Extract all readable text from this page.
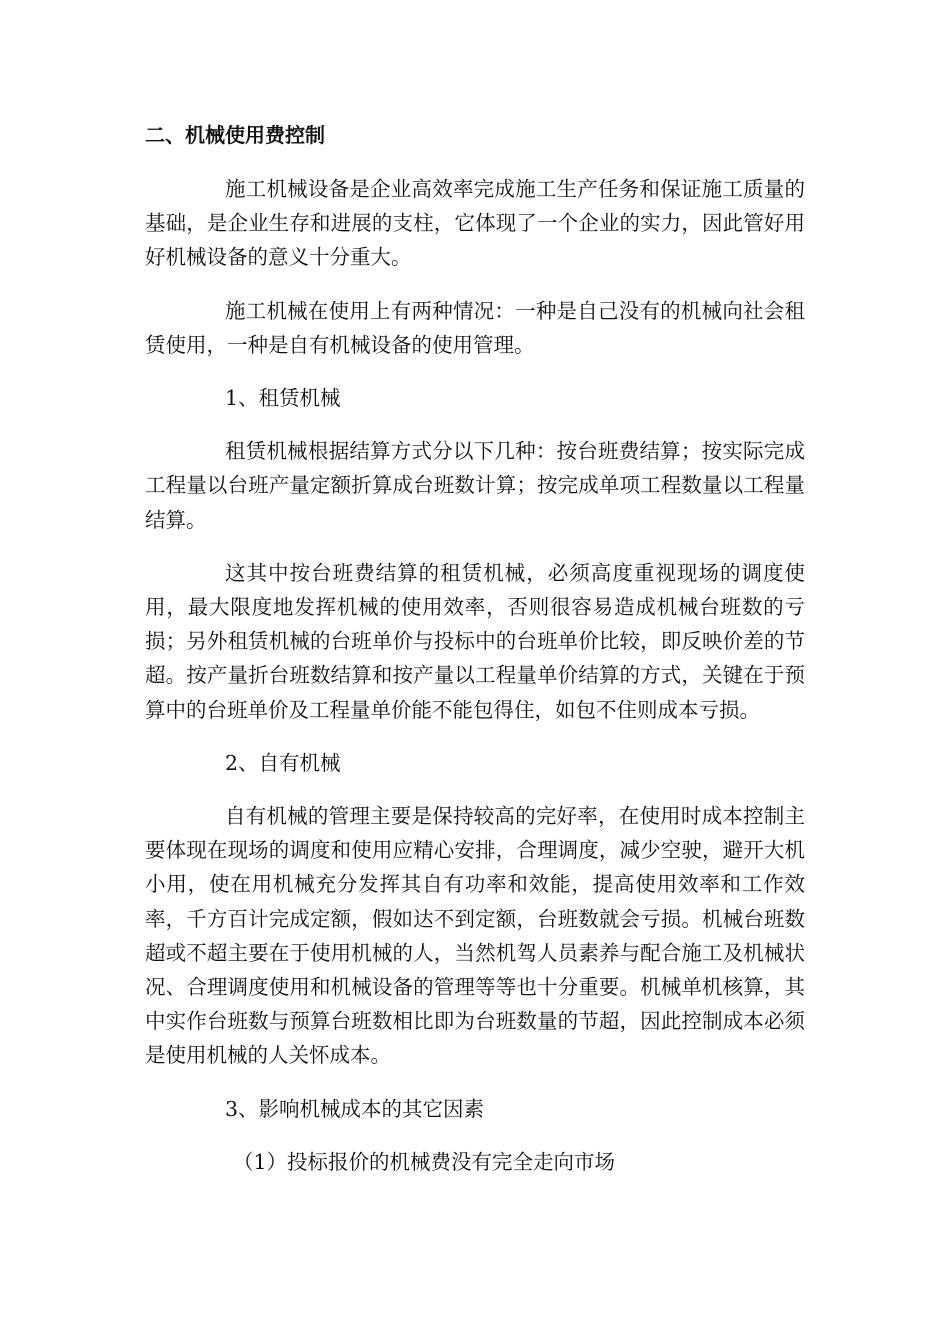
二、机械使用费控制

施工机械设备是企业高效率完成施工生产任务和保证施工质量的基础，是企业生存和进展的支柱，它体现了一个企业的实力，因此管好用好机械设备的意义十分重大。

施工机械在使用上有两种情况：一种是自己没有的机械向社会租赁使用，一种是自有机械设备的使用管理。

1、租赁机械

租赁机械根据结算方式分以下几种：按台班费结算；按实际完成工程量以台班产量定额折算成台班数计算；按完成单项工程数量以工程量结算。

这其中按台班费结算的租赁机械，必须高度重视现场的调度使用，最大限度地发挥机械的使用效率，否则很容易造成机械台班数的亏损；另外租赁机械的台班单价与投标中的台班单价比较，即反映价差的节超。按产量折台班数结算和按产量以工程量单价结算的方式，关键在于预算中的台班单价及工程量单价能不能包得住，如包不住则成本亏损。

2、自有机械

自有机械的管理主要是保持较高的完好率，在使用时成本控制主要体现在现场的调度和使用应精心安排，合理调度，减少空驶，避开大机小用，使在用机械充分发挥其自有功率和效能，提高使用效率和工作效率，千方百计完成定额，假如达不到定额，台班数就会亏损。机械台班数超或不超主要在于使用机械的人，当然机驾人员素养与配合施工及机械状况、合理调度使用和机械设备的管理等等也十分重要。机械单机核算，其中实作台班数与预算台班数相比即为台班数量的节超，因此控制成本必须是使用机械的人关怀成本。

3、影响机械成本的其它因素

（1）投标报价的机械费没有完全走向市场
